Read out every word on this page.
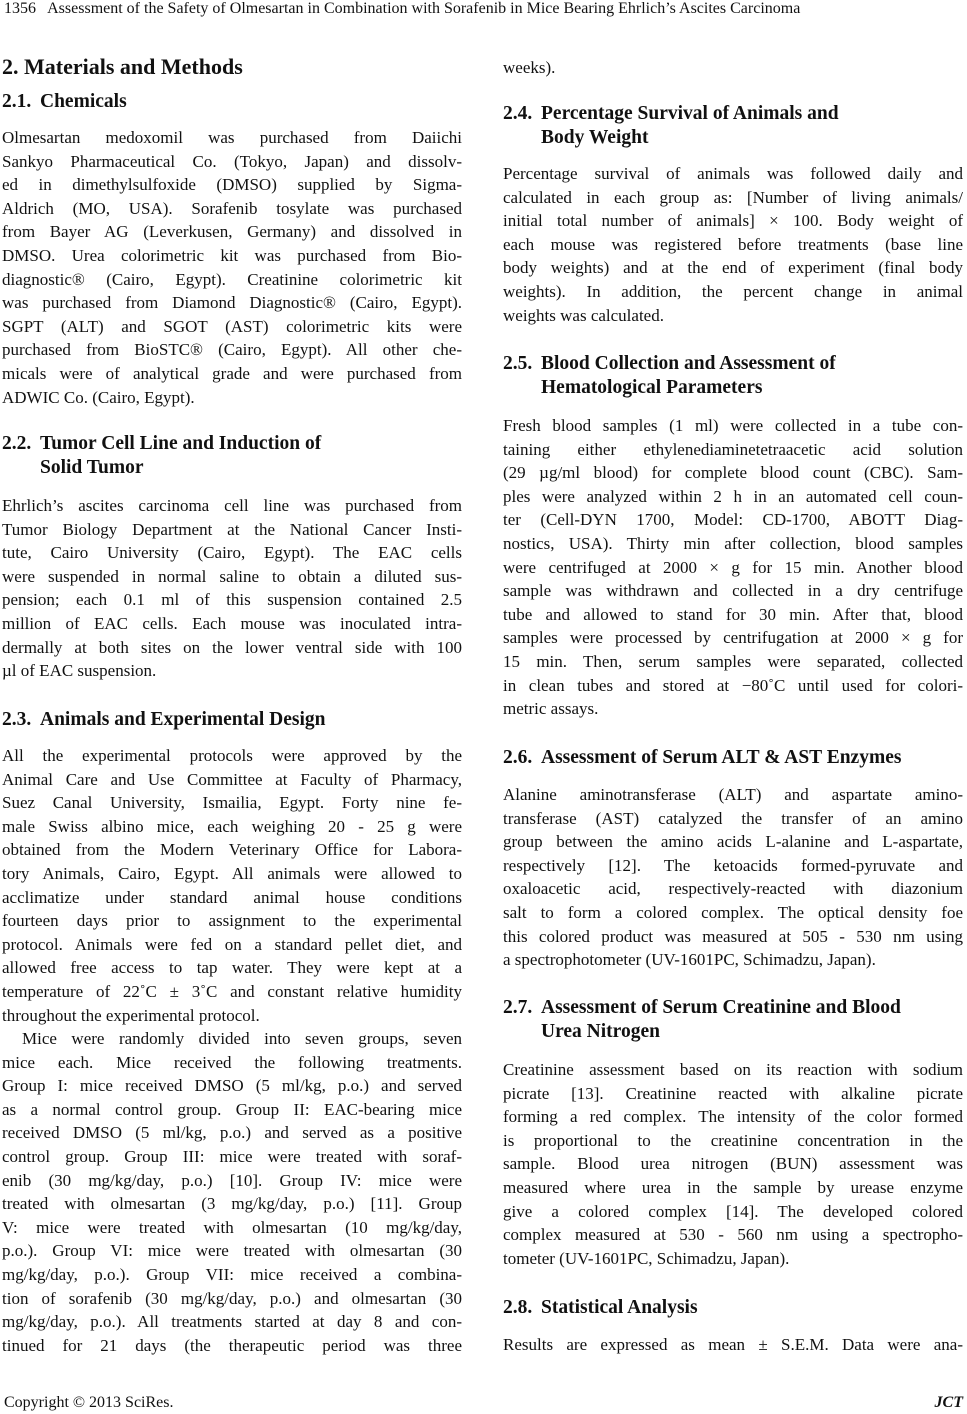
1356 Assessment of the Safety of Olmesartan in Combination with Sorafenib in Mice Bearing Ehrlich’s Ascites Carcinoma
2. Materials and Methods
2.1. Chemicals
Olmesartan medoxomil was purchased from Daiichi
Sankyo Pharmaceutical Co. (Tokyo, Japan) and dissolv-
ed in dimethylsulfoxide (DMSO) supplied by Sigma-
Aldrich (MO, USA). Sorafenib tosylate was purchased
from Bayer AG (Leverkusen, Germany) and dissolved in
DMSO. Urea colorimetric kit was purchased from Bio-
diagnostic® (Cairo, Egypt). Creatinine colorimetric kit
was purchased from Diamond Diagnostic® (Cairo, Egypt).
SGPT (ALT) and SGOT (AST) colorimetric kits were
purchased from BioSTC® (Cairo, Egypt). All other che-
micals were of analytical grade and were purchased from
ADWIC Co. (Cairo, Egypt).
2.2. Tumor Cell Line and Induction of
Solid Tumor
Ehrlich’s ascites carcinoma cell line was purchased from
Tumor Biology Department at the National Cancer Insti-
tute, Cairo University (Cairo, Egypt). The EAC cells
were suspended in normal saline to obtain a diluted sus-
pension; each 0.1 ml of this suspension contained 2.5
million of EAC cells. Each mouse was inoculated intra-
dermally at both sites on the lower ventral side with 100
µl of EAC suspension.
2.3. Animals and Experimental Design
All the experimental protocols were approved by the
Animal Care and Use Committee at Faculty of Pharmacy,
Suez Canal University, Ismailia, Egypt. Forty nine fe-
male Swiss albino mice, each weighing 20 - 25 g were
obtained from the Modern Veterinary Office for Labora-
tory Animals, Cairo, Egypt. All animals were allowed to
acclimatize under standard animal house conditions
fourteen days prior to assignment to the experimental
protocol. Animals were fed on a standard pellet diet, and
allowed free access to tap water. They were kept at a
temperature of 22˚C ± 3˚C and constant relative humidity
throughout the experimental protocol.
Mice were randomly divided into seven groups, seven
mice each. Mice received the following treatments.
Group I: mice received DMSO (5 ml/kg, p.o.) and served
as a normal control group. Group II: EAC-bearing mice
received DMSO (5 ml/kg, p.o.) and served as a positive
control group. Group III: mice were treated with soraf-
enib (30 mg/kg/day, p.o.) [10]. Group IV: mice were
treated with olmesartan (3 mg/kg/day, p.o.) [11]. Group
V: mice were treated with olmesartan (10 mg/kg/day,
p.o.). Group VI: mice were treated with olmesartan (30
mg/kg/day, p.o.). Group VII: mice received a combina-
tion of sorafenib (30 mg/kg/day, p.o.) and olmesartan (30
mg/kg/day, p.o.). All treatments started at day 8 and con-
tinued for 21 days (the therapeutic period was three
Copyright © 2013 SciRes.
weeks).
2.4. Percentage Survival of Animals and
Body Weight
Percentage survival of animals was followed daily and
calculated in each group as: [Number of living animals/
initial total number of animals] × 100. Body weight of
each mouse was registered before treatments (base line
body weights) and at the end of experiment (final body
weights). In addition, the percent change in animal
weights was calculated.
2.5. Blood Collection and Assessment of
Hematological Parameters
Fresh blood samples (1 ml) were collected in a tube con-
taining either ethylenediaminetetraacetic acid solution
(29 µg/ml blood) for complete blood count (CBC). Sam-
ples were analyzed within 2 h in an automated cell coun-
ter (Cell-DYN 1700, Model: CD-1700, ABOTT Diag-
nostics, USA). Thirty min after collection, blood samples
were centrifuged at 2000 × g for 15 min. Another blood
sample was withdrawn and collected in a dry centrifuge
tube and allowed to stand for 30 min. After that, blood
samples were processed by centrifugation at 2000 × g for
15 min. Then, serum samples were separated, collected
in clean tubes and stored at −80˚C until used for colori-
metric assays.
2.6. Assessment of Serum ALT & AST Enzymes
Alanine aminotransferase (ALT) and aspartate amino-
transferase (AST) catalyzed the transfer of an amino
group between the amino acids L-alanine and L-aspartate,
respectively [12]. The ketoacids formed-pyruvate and
oxaloacetic acid, respectively-reacted with diazonium
salt to form a colored complex. The optical density foe
this colored product was measured at 505 - 530 nm using
a spectrophotometer (UV-1601PC, Schimadzu, Japan).
2.7. Assessment of Serum Creatinine and Blood
Urea Nitrogen
Creatinine assessment based on its reaction with sodium
picrate [13]. Creatinine reacted with alkaline picrate
forming a red complex. The intensity of the color formed
is proportional to the creatinine concentration in the
sample. Blood urea nitrogen (BUN) assessment was
measured where urea in the sample by urease enzyme
give a colored complex [14]. The developed colored
complex measured at 530 - 560 nm using a spectropho-
tometer (UV-1601PC, Schimadzu, Japan).
2.8. Statistical Analysis
Results are expressed as mean ± S.E.M. Data were ana-
JCT
